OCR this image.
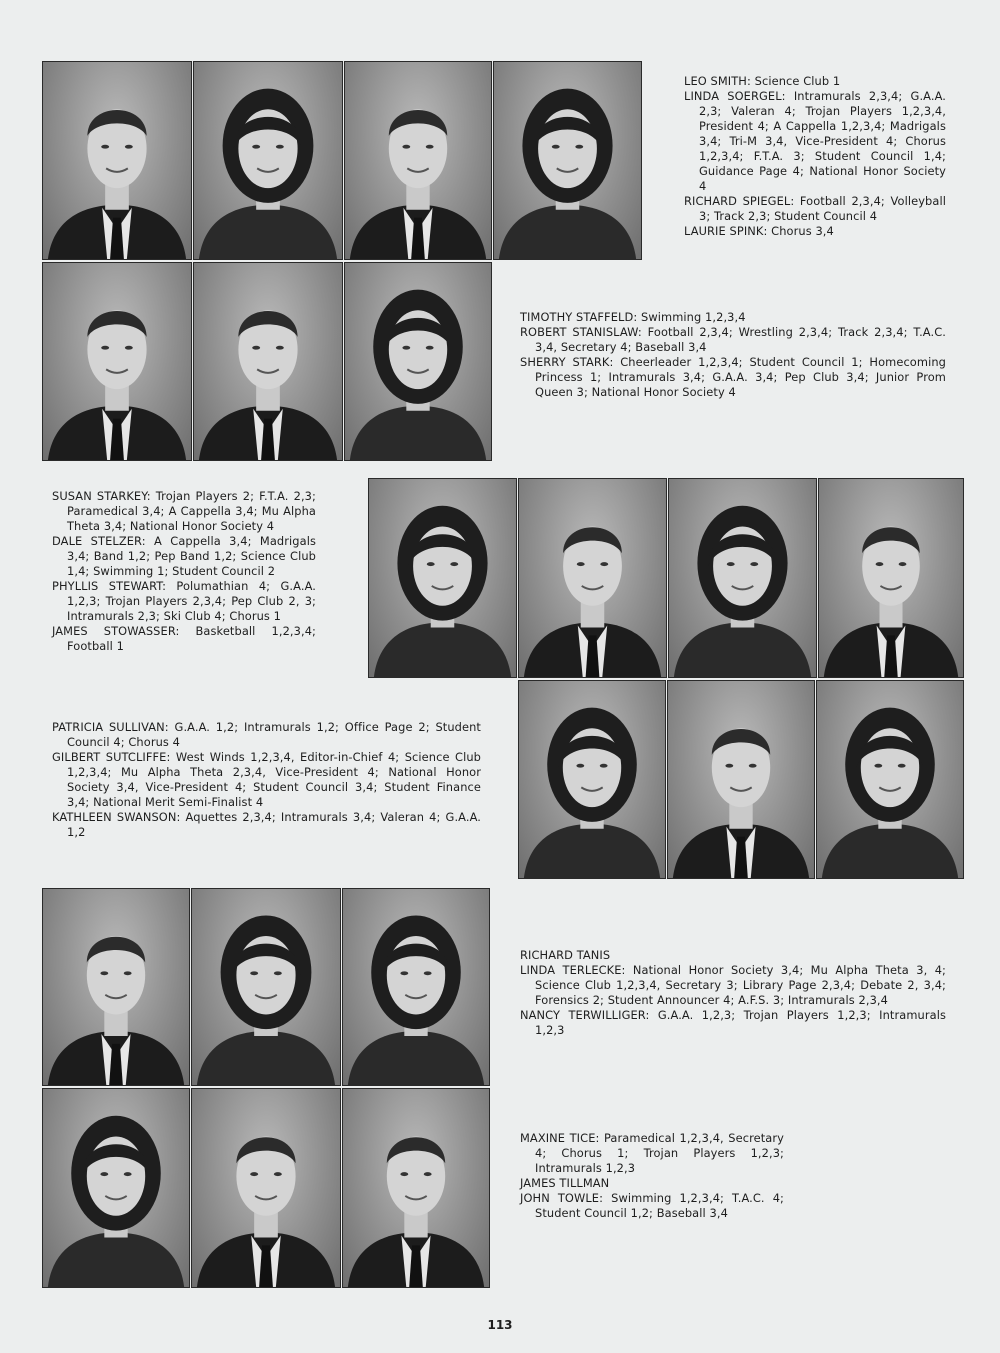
LEO SMITH: Science Club 1

LINDA SOERGEL: Intramurals 2,3,4; G.A.A. 2,3; Valeran 4; Trojan Players 1,2,3,4, President 4; A Cappella 1,2,3,4; Madrigals 3,4; Tri-M 3,4, Vice-President 4; Chorus 1,2,3,4; F.T.A. 3; Student Council 1,4; Guidance Page 4; National Honor Society 4

RICHARD SPIEGEL: Football 2,3,4; Volleyball 3; Track 2,3; Student Council 4

LAURIE SPINK: Chorus 3,4

TIMOTHY STAFFELD: Swimming 1,2,3,4

ROBERT STANISLAW: Football 2,3,4; Wrestling 2,3,4; Track 2,3,4; T.A.C. 3,4, Secretary 4; Baseball 3,4

SHERRY STARK: Cheerleader 1,2,3,4; Student Council 1; Homecoming Princess 1; Intramurals 3,4; G.A.A. 3,4; Pep Club 3,4; Junior Prom Queen 3; National Honor Society 4

SUSAN STARKEY: Trojan Players 2; F.T.A. 2,3; Paramedical 3,4; A Cappella 3,4; Mu Alpha Theta 3,4; National Honor Society 4

DALE STELZER: A Cappella 3,4; Madrigals 3,4; Band 1,2; Pep Band 1,2; Science Club 1,4; Swimming 1; Student Council 2

PHYLLIS STEWART: Polumathian 4; G.A.A. 1,2,3; Trojan Players 2,3,4; Pep Club 2, 3; Intramurals 2,3; Ski Club 4; Chorus 1

JAMES STOWASSER: Basketball 1,2,3,4; Football 1

PATRICIA SULLIVAN: G.A.A. 1,2; Intramurals 1,2; Office Page 2; Student Council 4; Chorus 4

GILBERT SUTCLIFFE: West Winds 1,2,3,4, Editor-in-Chief 4; Science Club 1,2,3,4; Mu Alpha Theta 2,3,4, Vice-President 4; National Honor Society 3,4, Vice-President 4; Student Council 3,4; Student Finance 3,4; National Merit Semi-Finalist 4

KATHLEEN SWANSON: Aquettes 2,3,4; Intramurals 3,4; Valeran 4; G.A.A. 1,2

RICHARD TANIS

LINDA TERLECKE: National Honor Society 3,4; Mu Alpha Theta 3, 4; Science Club 1,2,3,4, Secretary 3; Library Page 2,3,4; Debate 2, 3,4; Forensics 2; Student Announcer 4; A.F.S. 3; Intramurals 2,3,4

NANCY TERWILLIGER: G.A.A. 1,2,3; Trojan Players 1,2,3; Intramurals 1,2,3

MAXINE TICE: Paramedical 1,2,3,4, Secretary 4; Chorus 1; Trojan Players 1,2,3; Intramurals 1,2,3

JAMES TILLMAN

JOHN TOWLE: Swimming 1,2,3,4; T.A.C. 4; Student Council 1,2; Baseball 3,4

113
